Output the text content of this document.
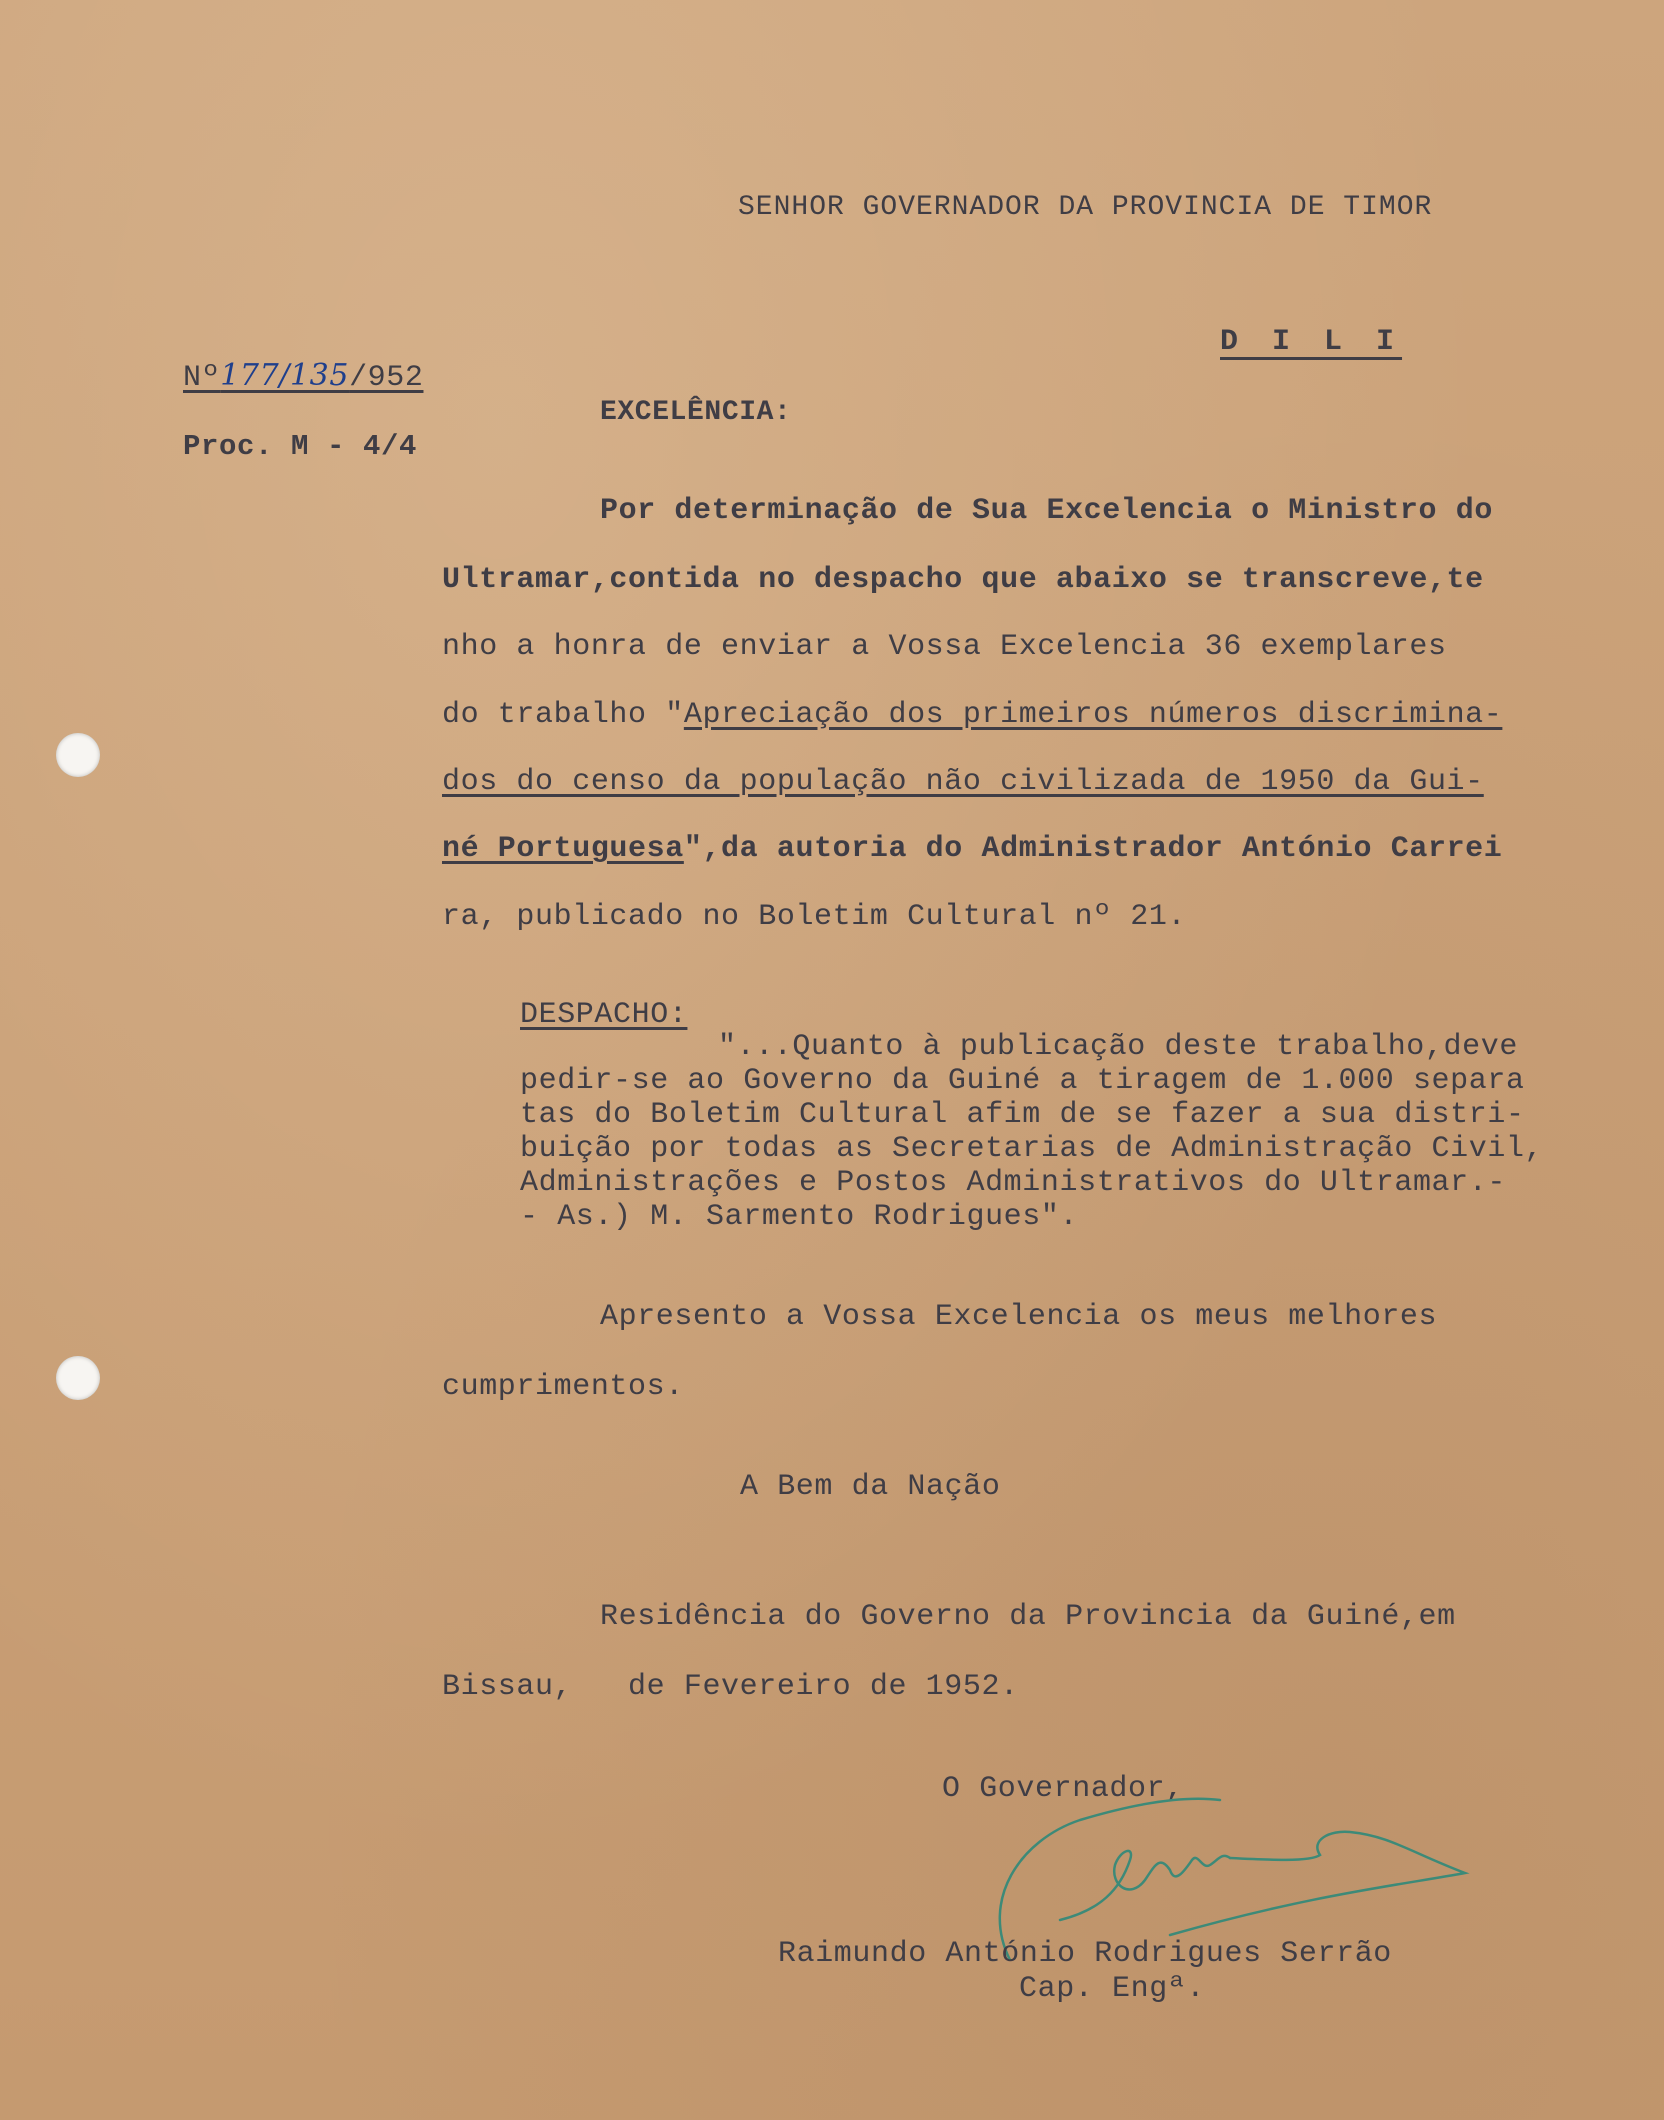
SENHOR GOVERNADOR DA PROVINCIA DE TIMOR
D I L I
Nº177/135/952
Proc. M - 4/4
EXCELÊNCIA:
Por determinação de Sua Excelencia o Ministro do
Ultramar,contida no despacho que abaixo se transcreve,te
nho a honra de enviar a Vossa Excelencia 36 exemplares
do trabalho "Apreciação dos primeiros números discrimina-
dos do censo da população não civilizada de 1950 da Gui-
né Portuguesa",da autoria do Administrador António Carrei
ra, publicado no Boletim Cultural nº 21.
DESPACHO:
"...Quanto à publicação deste trabalho,deve
pedir-se ao Governo da Guiné a tiragem de 1.000 separa
tas do Boletim Cultural afim de se fazer a sua distri-
buição por todas as Secretarias de Administração Civil,
Administrações e Postos Administrativos do Ultramar.-
- As.) M. Sarmento Rodrigues".
Apresento a Vossa Excelencia os meus melhores
cumprimentos.
A Bem da Nação
Residência do Governo da Provincia da Guiné,em
Bissau,   de Fevereiro de 1952.
O Governador,
Raimundo António Rodrigues Serrão
Cap. Engª.
